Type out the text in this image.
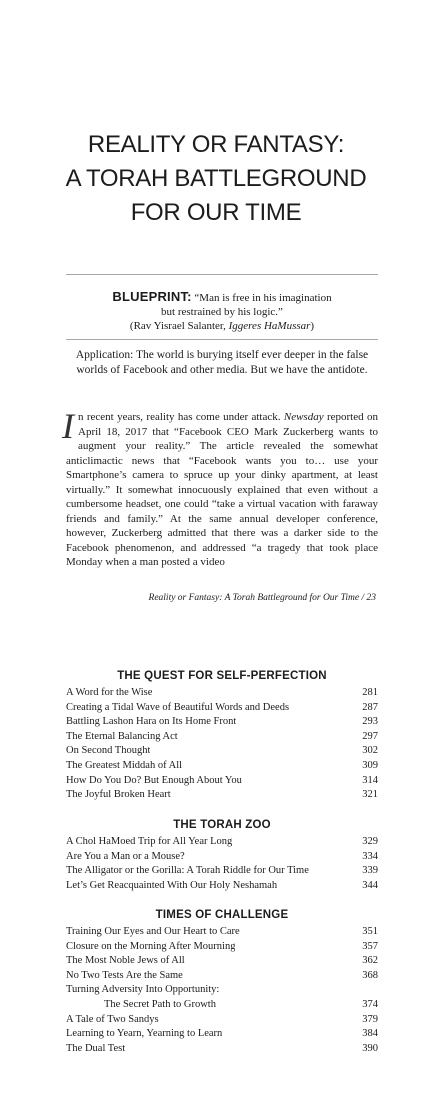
REALITY OR FANTASY:
A TORAH BATTLEGROUND
FOR OUR TIME
BLUEPRINT: “Man is free in his imagination
but restrained by his logic.”
(Rav Yisrael Salanter, Iggeres HaMussar)
Application: The world is burying itself ever deeper in the false worlds of Facebook and other media. But we have the antidote.

In recent years, reality has come under attack. Newsday reported on April 18, 2017 that “Facebook CEO Mark Zuckerberg wants to augment your reality.” The article revealed the somewhat anticlimactic news that “Facebook wants you to… use your Smartphone’s camera to spruce up your dinky apartment, at least virtually.” It somewhat innocuously explained that even without a cumbersome headset, one could “take a virtual vacation with faraway friends and family.” At the same annual developer conference, however, Zuckerberg admitted that there was a darker side to the Facebook phenomenon, and addressed “a tragedy that took place Monday when a man posted a video

Reality or Fantasy: A Torah Battleground for Our Time / 23
THE QUEST FOR SELF-PERFECTION
A Word for the Wise	281
Creating a Tidal Wave of Beautiful Words and Deeds	287
Battling Lashon Hara on Its Home Front	293
The Eternal Balancing Act	297
On Second Thought	302
The Greatest Middah of All	309
How Do You Do? But Enough About You	314
The Joyful Broken Heart	321
THE TORAH ZOO
A Chol HaMoed Trip for All Year Long	329
Are You a Man or a Mouse?	334
The Alligator or the Gorilla: A Torah Riddle for Our Time	339
Let’s Get Reacquainted With Our Holy Neshamah	344
TIMES OF CHALLENGE
Training Our Eyes and Our Heart to Care	351
Closure on the Morning After Mourning	357
The Most Noble Jews of All	362
No Two Tests Are the Same	368
Turning Adversity Into Opportunity:
The Secret Path to Growth	374
A Tale of Two Sandys	379
Learning to Yearn, Yearning to Learn	384
The Dual Test	390
